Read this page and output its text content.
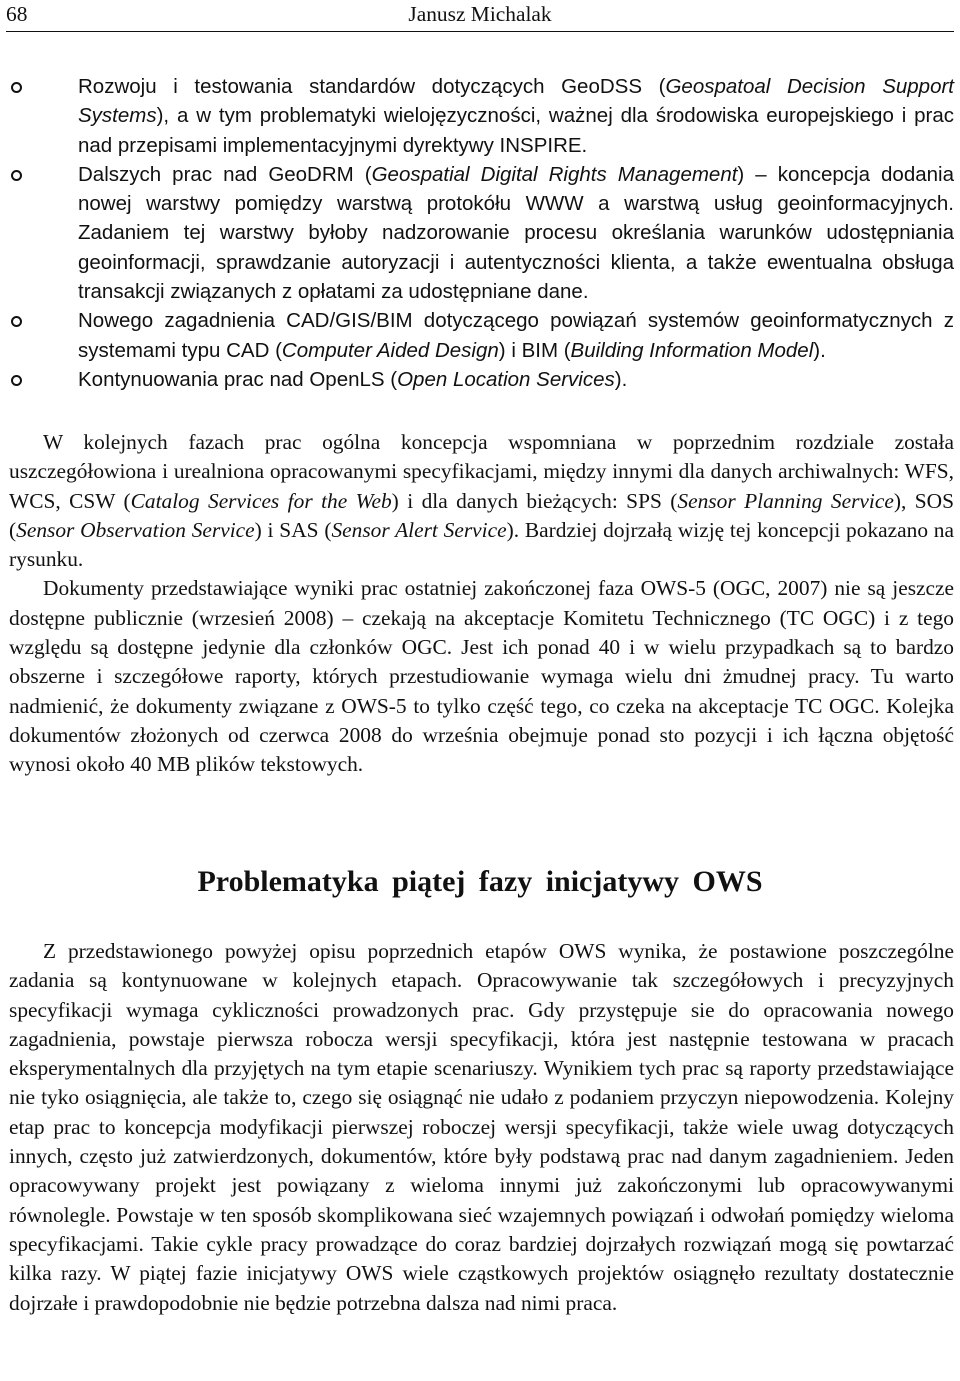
68	Janusz Michalak
Rozwoju i testowania standardów dotyczących GeoDSS (Geospatoal Decision Support Systems), a w tym problematyki wielojęzyczności, ważnej dla środowiska europejskiego i prac nad przepisami implementacyjnymi dyrektywy INSPIRE.
Dalszych prac nad GeoDRM (Geospatial Digital Rights Management) – koncepcja dodania nowej warstwy pomiędzy warstwą protokółu WWW a warstwą usług geoinformacyjnych. Zadaniem tej warstwy byłoby nadzorowanie procesu określania warunków udostępniania geoinformacji, sprawdzanie autoryzacji i autentyczności klienta, a także ewentualna obsługa transakcji związanych z opłatami za udostępniane dane.
Nowego zagadnienia CAD/GIS/BIM dotyczącego powiązań systemów geoinformatycznych z systemami typu CAD (Computer Aided Design) i BIM (Building Information Model).
Kontynuowania prac nad OpenLS (Open Location Services).

W kolejnych fazach prac ogólna koncepcja wspomniana w poprzednim rozdziale została uszczegółowiona i urealniona opracowanymi specyfikacjami, między innymi dla danych archiwalnych: WFS, WCS, CSW (Catalog Services for the Web) i dla danych bieżących: SPS (Sensor Planning Service), SOS (Sensor Observation Service) i SAS (Sensor Alert Service). Bardziej dojrzałą wizję tej koncepcji pokazano na rysunku.

Dokumenty przedstawiające wyniki prac ostatniej zakończonej faza OWS-5 (OGC, 2007) nie są jeszcze dostępne publicznie (wrzesień 2008) – czekają na akceptacje Komitetu Technicznego (TC OGC) i z tego względu są dostępne jedynie dla członków OGC. Jest ich ponad 40 i w wielu przypadkach są to bardzo obszerne i szczegółowe raporty, których przestudiowanie wymaga wielu dni żmudnej pracy. Tu warto nadmienić, że dokumenty związane z OWS-5 to tylko część tego, co czeka na akceptacje TC OGC. Kolejka dokumentów złożonych od czerwca 2008 do września obejmuje ponad sto pozycji i ich łączna objętość wynosi około 40 MB plików tekstowych.

Problematyka piątej fazy inicjatywy OWS

Z przedstawionego powyżej opisu poprzednich etapów OWS wynika, że postawione poszczególne zadania są kontynuowane w kolejnych etapach. Opracowywanie tak szczegółowych i precyzyjnych specyfikacji wymaga cykliczności prowadzonych prac. Gdy przystępuje sie do opracowania nowego zagadnienia, powstaje pierwsza robocza wersji specyfikacji, która jest następnie testowana w pracach eksperymentalnych dla przyjętych na tym etapie scenariuszy. Wynikiem tych prac są raporty przedstawiające nie tyko osiągnięcia, ale także to, czego się osiągnąć nie udało z podaniem przyczyn niepowodzenia. Kolejny etap prac to koncepcja modyfikacji pierwszej roboczej wersji specyfikacji, także wiele uwag dotyczących innych, często już zatwierdzonych, dokumentów, które były podstawą prac nad danym zagadnieniem. Jeden opracowywany projekt jest powiązany z wieloma innymi już zakończonymi lub opracowywanymi równolegle. Powstaje w ten sposób skomplikowana sieć wzajemnych powiązań i odwołań pomiędzy wieloma specyfikacjami. Takie cykle pracy prowadzące do coraz bardziej dojrzałych rozwiązań mogą się powtarzać kilka razy. W piątej fazie inicjatywy OWS wiele cząstkowych projektów osiągnęło rezultaty dostatecznie dojrzałe i prawdopodobnie nie będzie potrzebna dalsza nad nimi praca.
